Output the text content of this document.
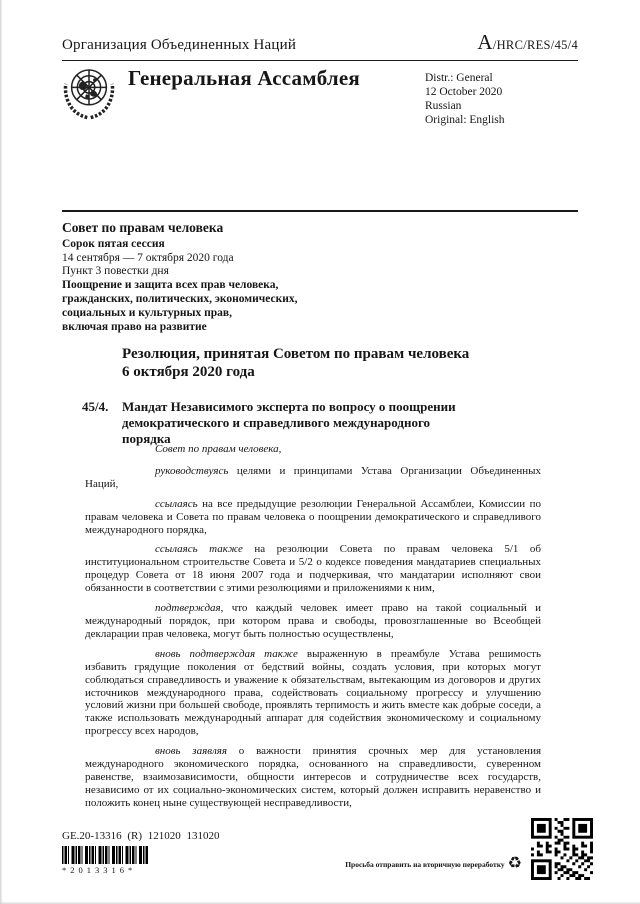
Организация Объединенных Наций	A/HRC/RES/45/4
Генеральная Ассамблея	Distr.: General
12 October 2020
Russian
Original: English
Совет по правам человека
Сорок пятая сессия
14 сентября — 7 октября 2020 года
Пункт 3 повестки дня
Поощрение и защита всех прав человека,
гражданских, политических, экономических,
социальных и культурных прав,
включая право на развитие
Резолюция, принятая Советом по правам человека
6 октября 2020 года
45/4.	Мандат Независимого эксперта по вопросу о поощрении демократического и справедливого международного порядка

Совет по правам человека,

руководствуясь целями и принципами Устава Организации Объединенных Наций,

ссылаясь на все предыдущие резолюции Генеральной Ассамблеи, Комиссии по правам человека и Совета по правам человека о поощрении демократического и справедливого международного порядка,

ссылаясь также на резолюции Совета по правам человека 5/1 об институциональном строительстве Совета и 5/2 о кодексе поведения мандатариев специальных процедур Совета от 18 июня 2007 года и подчеркивая, что мандатарии исполняют свои обязанности в соответствии с этими резолюциями и приложениями к ним,

подтверждая, что каждый человек имеет право на такой социальный и международный порядок, при котором права и свободы, провозглашенные во Всеобщей декларации прав человека, могут быть полностью осуществлены,

вновь подтверждая также выраженную в преамбуле Устава решимость избавить грядущие поколения от бедствий войны, создать условия, при которых могут соблюдаться справедливость и уважение к обязательствам, вытекающим из договоров и других источников международного права, содействовать социальному прогрессу и улучшению условий жизни при большей свободе, проявлять терпимость и жить вместе как добрые соседи, а также использовать международный аппарат для содействия экономическому и социальному прогрессу всех народов,

вновь заявляя о важности принятия срочных мер для установления международного экономического порядка, основанного на справедливости, суверенном равенстве, взаимозависимости, общности интересов и сотрудничестве всех государств, независимо от их социально-экономических систем, который должен исправить неравенство и положить конец ныне существующей несправедливости,

GE.20-13316 (R) 121020 131020
*2013316*
Просьба отправить на вторичную переработку ♻
